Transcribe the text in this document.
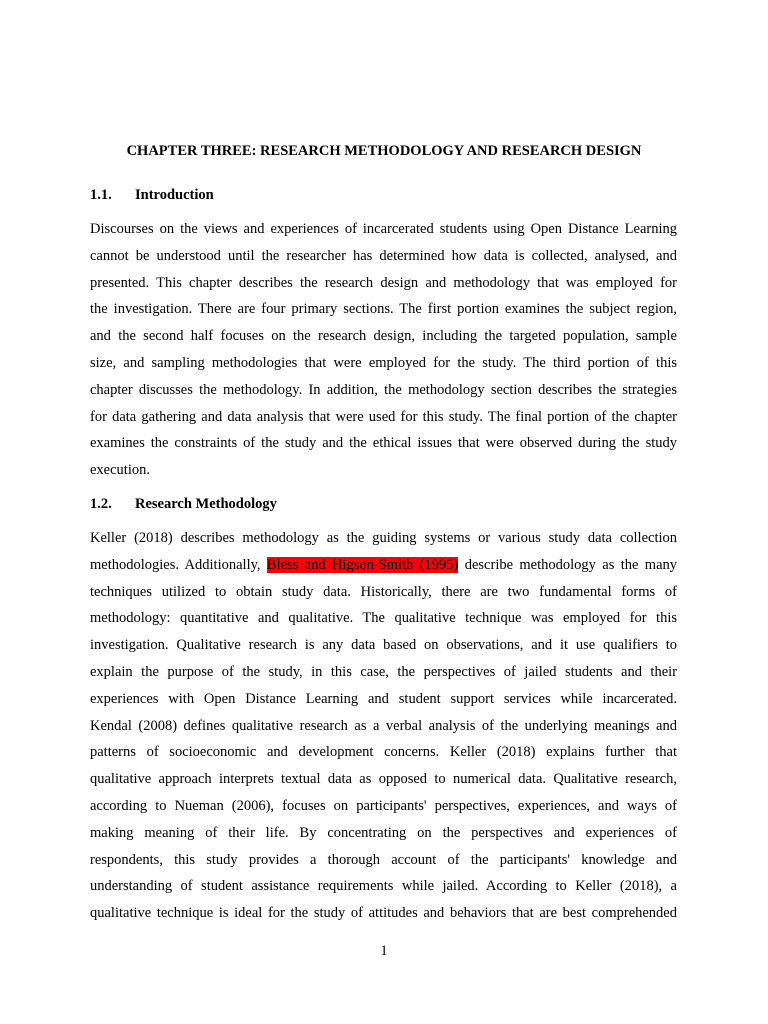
CHAPTER THREE: RESEARCH METHODOLOGY AND RESEARCH DESIGN
1.1. Introduction
Discourses on the views and experiences of incarcerated students using Open Distance Learning
cannot be understood until the researcher has determined how data is collected, analysed, and
presented. This chapter describes the research design and methodology that was employed for
the investigation. There are four primary sections. The first portion examines the subject region,
and the second half focuses on the research design, including the targeted population, sample
size, and sampling methodologies that were employed for the study. The third portion of this
chapter discusses the methodology. In addition, the methodology section describes the strategies
for data gathering and data analysis that were used for this study. The final portion of the chapter
examines the constraints of the study and the ethical issues that were observed during the study
execution.
1.2. Research Methodology
Keller (2018) describes methodology as the guiding systems or various study data collection
methodologies. Additionally, Bless and Higson-Smith (1995) describe methodology as the many
techniques utilized to obtain study data. Historically, there are two fundamental forms of
methodology: quantitative and qualitative. The qualitative technique was employed for this
investigation. Qualitative research is any data based on observations, and it use qualifiers to
explain the purpose of the study, in this case, the perspectives of jailed students and their
experiences with Open Distance Learning and student support services while incarcerated.
Kendal (2008) defines qualitative research as a verbal analysis of the underlying meanings and
patterns of socioeconomic and development concerns. Keller (2018) explains further that
qualitative approach interprets textual data as opposed to numerical data. Qualitative research,
according to Nueman (2006), focuses on participants' perspectives, experiences, and ways of
making meaning of their life. By concentrating on the perspectives and experiences of
respondents, this study provides a thorough account of the participants' knowledge and
understanding of student assistance requirements while jailed. According to Keller (2018), a
qualitative technique is ideal for the study of attitudes and behaviors that are best comprehended
1
